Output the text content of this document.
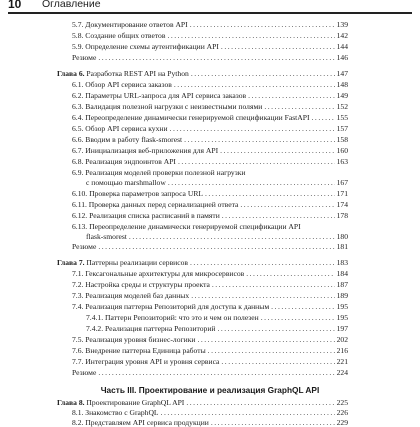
10 Оглавление
5.7. Документирование ответов API . . .	139
5.8. Создание общих ответов . . .	142
5.9. Определение схемы аутентификации API . . .	144
Резюме . . .	146
Глава 6. Разработка REST API на Python . . .	147
6.1. Обзор API сервиса заказов . . .	148
6.2. Параметры URL-запроса для API сервиса заказов . . .	149
6.3. Валидация полезной нагрузки с неизвестными полями . . .	152
6.4. Переопределение динамически генерируемой спецификации FastAPI . . .	155
6.5. Обзор API сервиса кухни . . .	157
6.6. Вводим в работу flask-smorest . . .	158
6.7. Инициализация веб-приложения для API . . .	160
6.8. Реализация эндпоинтов API . . .	163
6.9. Реализация моделей проверки полезной нагрузки
с помощью marshmallow . . .	167
6.10. Проверка параметров запроса URL . . .	171
6.11. Проверка данных перед сериализацией ответа . . .	174
6.12. Реализация списка расписаний в памяти . . .	178
6.13. Переопределение динамически генерируемой спецификации API
flask-smorest . . .	180
Резюме . . .	181
Глава 7. Паттерны реализации сервисов . . .	183
7.1. Гексагональные архитектуры для микросервисов . . .	184
7.2. Настройка среды и структуры проекта . . .	187
7.3. Реализация моделей баз данных . . .	189
7.4. Реализация паттерна Репозиторий для доступа к данным . . .	195
7.4.1. Паттерн Репозиторий: что это и чем он полезен . . .	195
7.4.2. Реализация паттерна Репозиторий . . .	197
7.5. Реализация уровня бизнес-логики . . .	202
7.6. Внедрение паттерна Единица работы . . .	216
7.7. Интеграция уровня API и уровня сервиса . . .	221
Резюме . . .	224
Часть III. Проектирование и реализация GraphQL API
Глава 8. Проектирование GraphQL API . . .	225
8.1. Знакомство с GraphQL . . .	226
8.2. Представляем API сервиса продукции . . .	229
